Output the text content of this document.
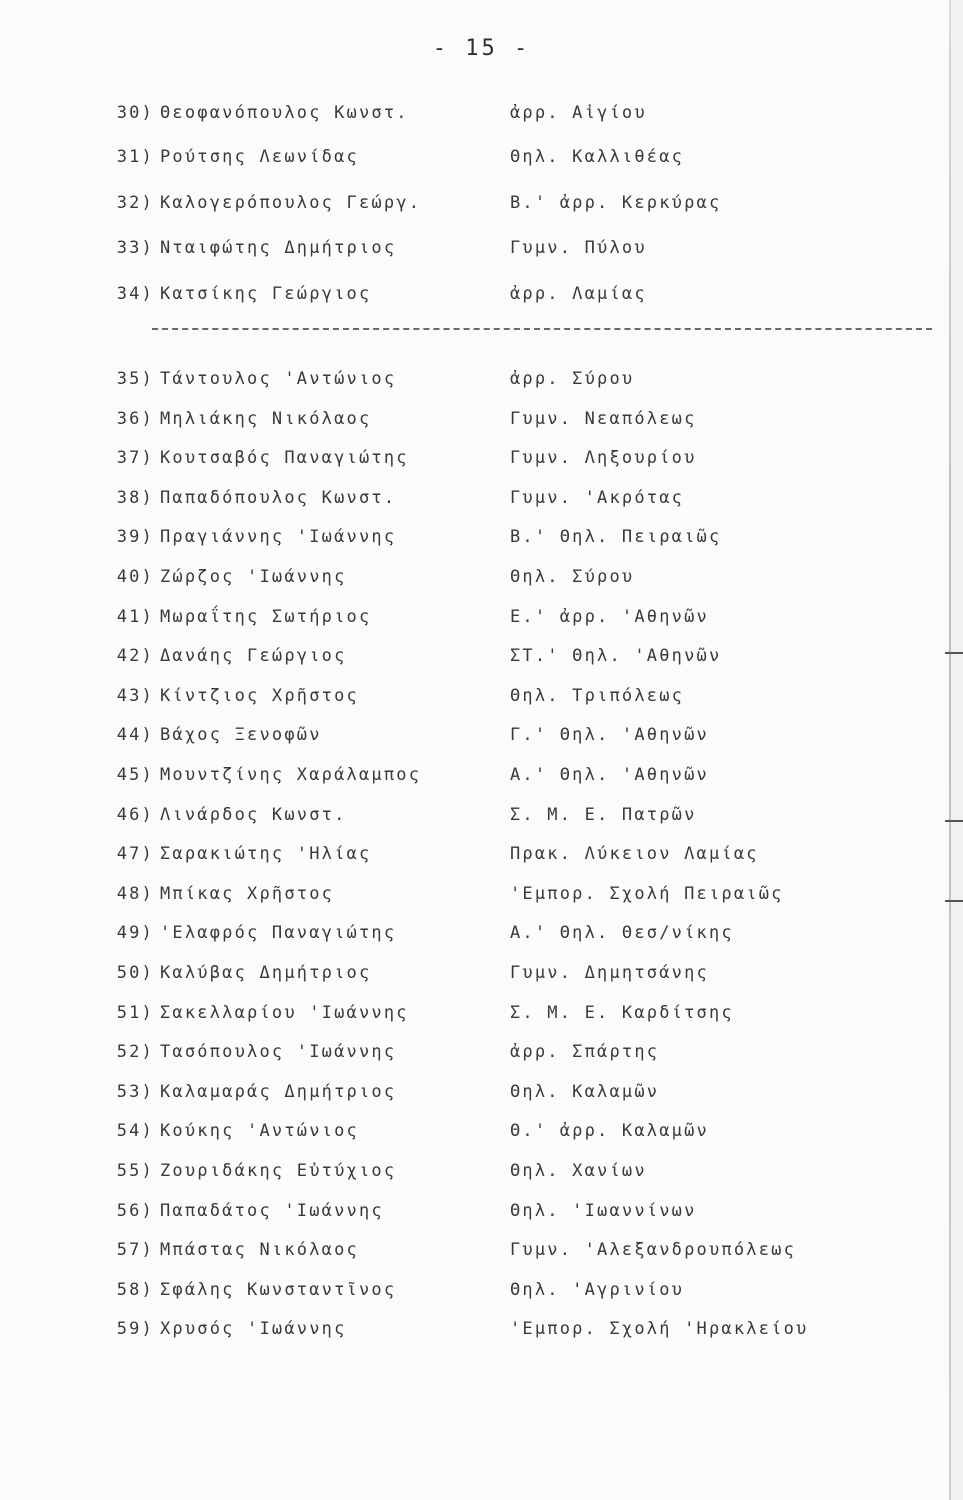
- 15 -
30) Θεοφανόπουλος Κωνστ.	ἀρρ. Αἰγίου
31) Ρούτσης Λεωνίδας	Θηλ. Καλλιθέας
32) Καλογερόπουλος Γεώργ.	Β.' ἀρρ. Κερκύρας
33) Νταιφώτης Δημήτριος	Γυμν. Πύλου
34) Κατσίκης Γεώργιος	ἀρρ. Λαμίας
35) Τάντουλος 'Αντώνιος	ἀρρ. Σύρου
36) Μηλιάκης Νικόλαος	Γυμν. Νεαπόλεως
37) Κουτσαβός Παναγιώτης	Γυμν. Ληξουρίου
38) Παπαδόπουλος Κωνστ.	Γυμν. 'Ακρότας
39) Πραγιάννης 'Ιωάννης	Β.' Θηλ. Πειραιῶς
40) Ζώρζος 'Ιωάννης	Θηλ. Σύρου
41) Μωραΐτης Σωτήριος	Ε.' ἀρρ. 'Αθηνῶν
42) Δανάης Γεώργιος	ΣΤ.' Θηλ. 'Αθηνῶν
43) Κίντζιος Χρῆστος	Θηλ. Τριπόλεως
44) Βάχος Ξενοφῶν	Γ.' Θηλ. 'Αθηνῶν
45) Μουντζίνης Χαράλαμπος	Α.' Θηλ. 'Αθηνῶν
46) Λινάρδος Κωνστ.	Σ. Μ. Ε. Πατρῶν
47) Σαρακιώτης 'Ηλίας	Πρακ. Λύκειον Λαμίας
48) Μπίκας Χρῆστος	'Εμπορ. Σχολή Πειραιῶς
49) 'Ελαφρός Παναγιώτης	Α.' Θηλ. Θεσ/νίκης
50) Καλύβας Δημήτριος	Γυμν. Δημητσάνης
51) Σακελλαρίου 'Ιωάννης	Σ. Μ. Ε. Καρδίτσης
52) Τασόπουλος 'Ιωάννης	ἀρρ. Σπάρτης
53) Καλαμαράς Δημήτριος	Θηλ. Καλαμῶν
54) Κούκης 'Αντώνιος	Θ.' ἀρρ. Καλαμῶν
55) Ζουριδάκης Εὐτύχιος	Θηλ. Χανίων
56) Παπαδάτος 'Ιωάννης	Θηλ. 'Ιωαννίνων
57) Μπάστας Νικόλαος	Γυμν. 'Αλεξανδρουπόλεως
58) Σφάλης Κωνσταντῖνος	Θηλ. 'Αγρινίου
59) Χρυσός 'Ιωάννης	'Εμπορ. Σχολή 'Ηρακλείου
